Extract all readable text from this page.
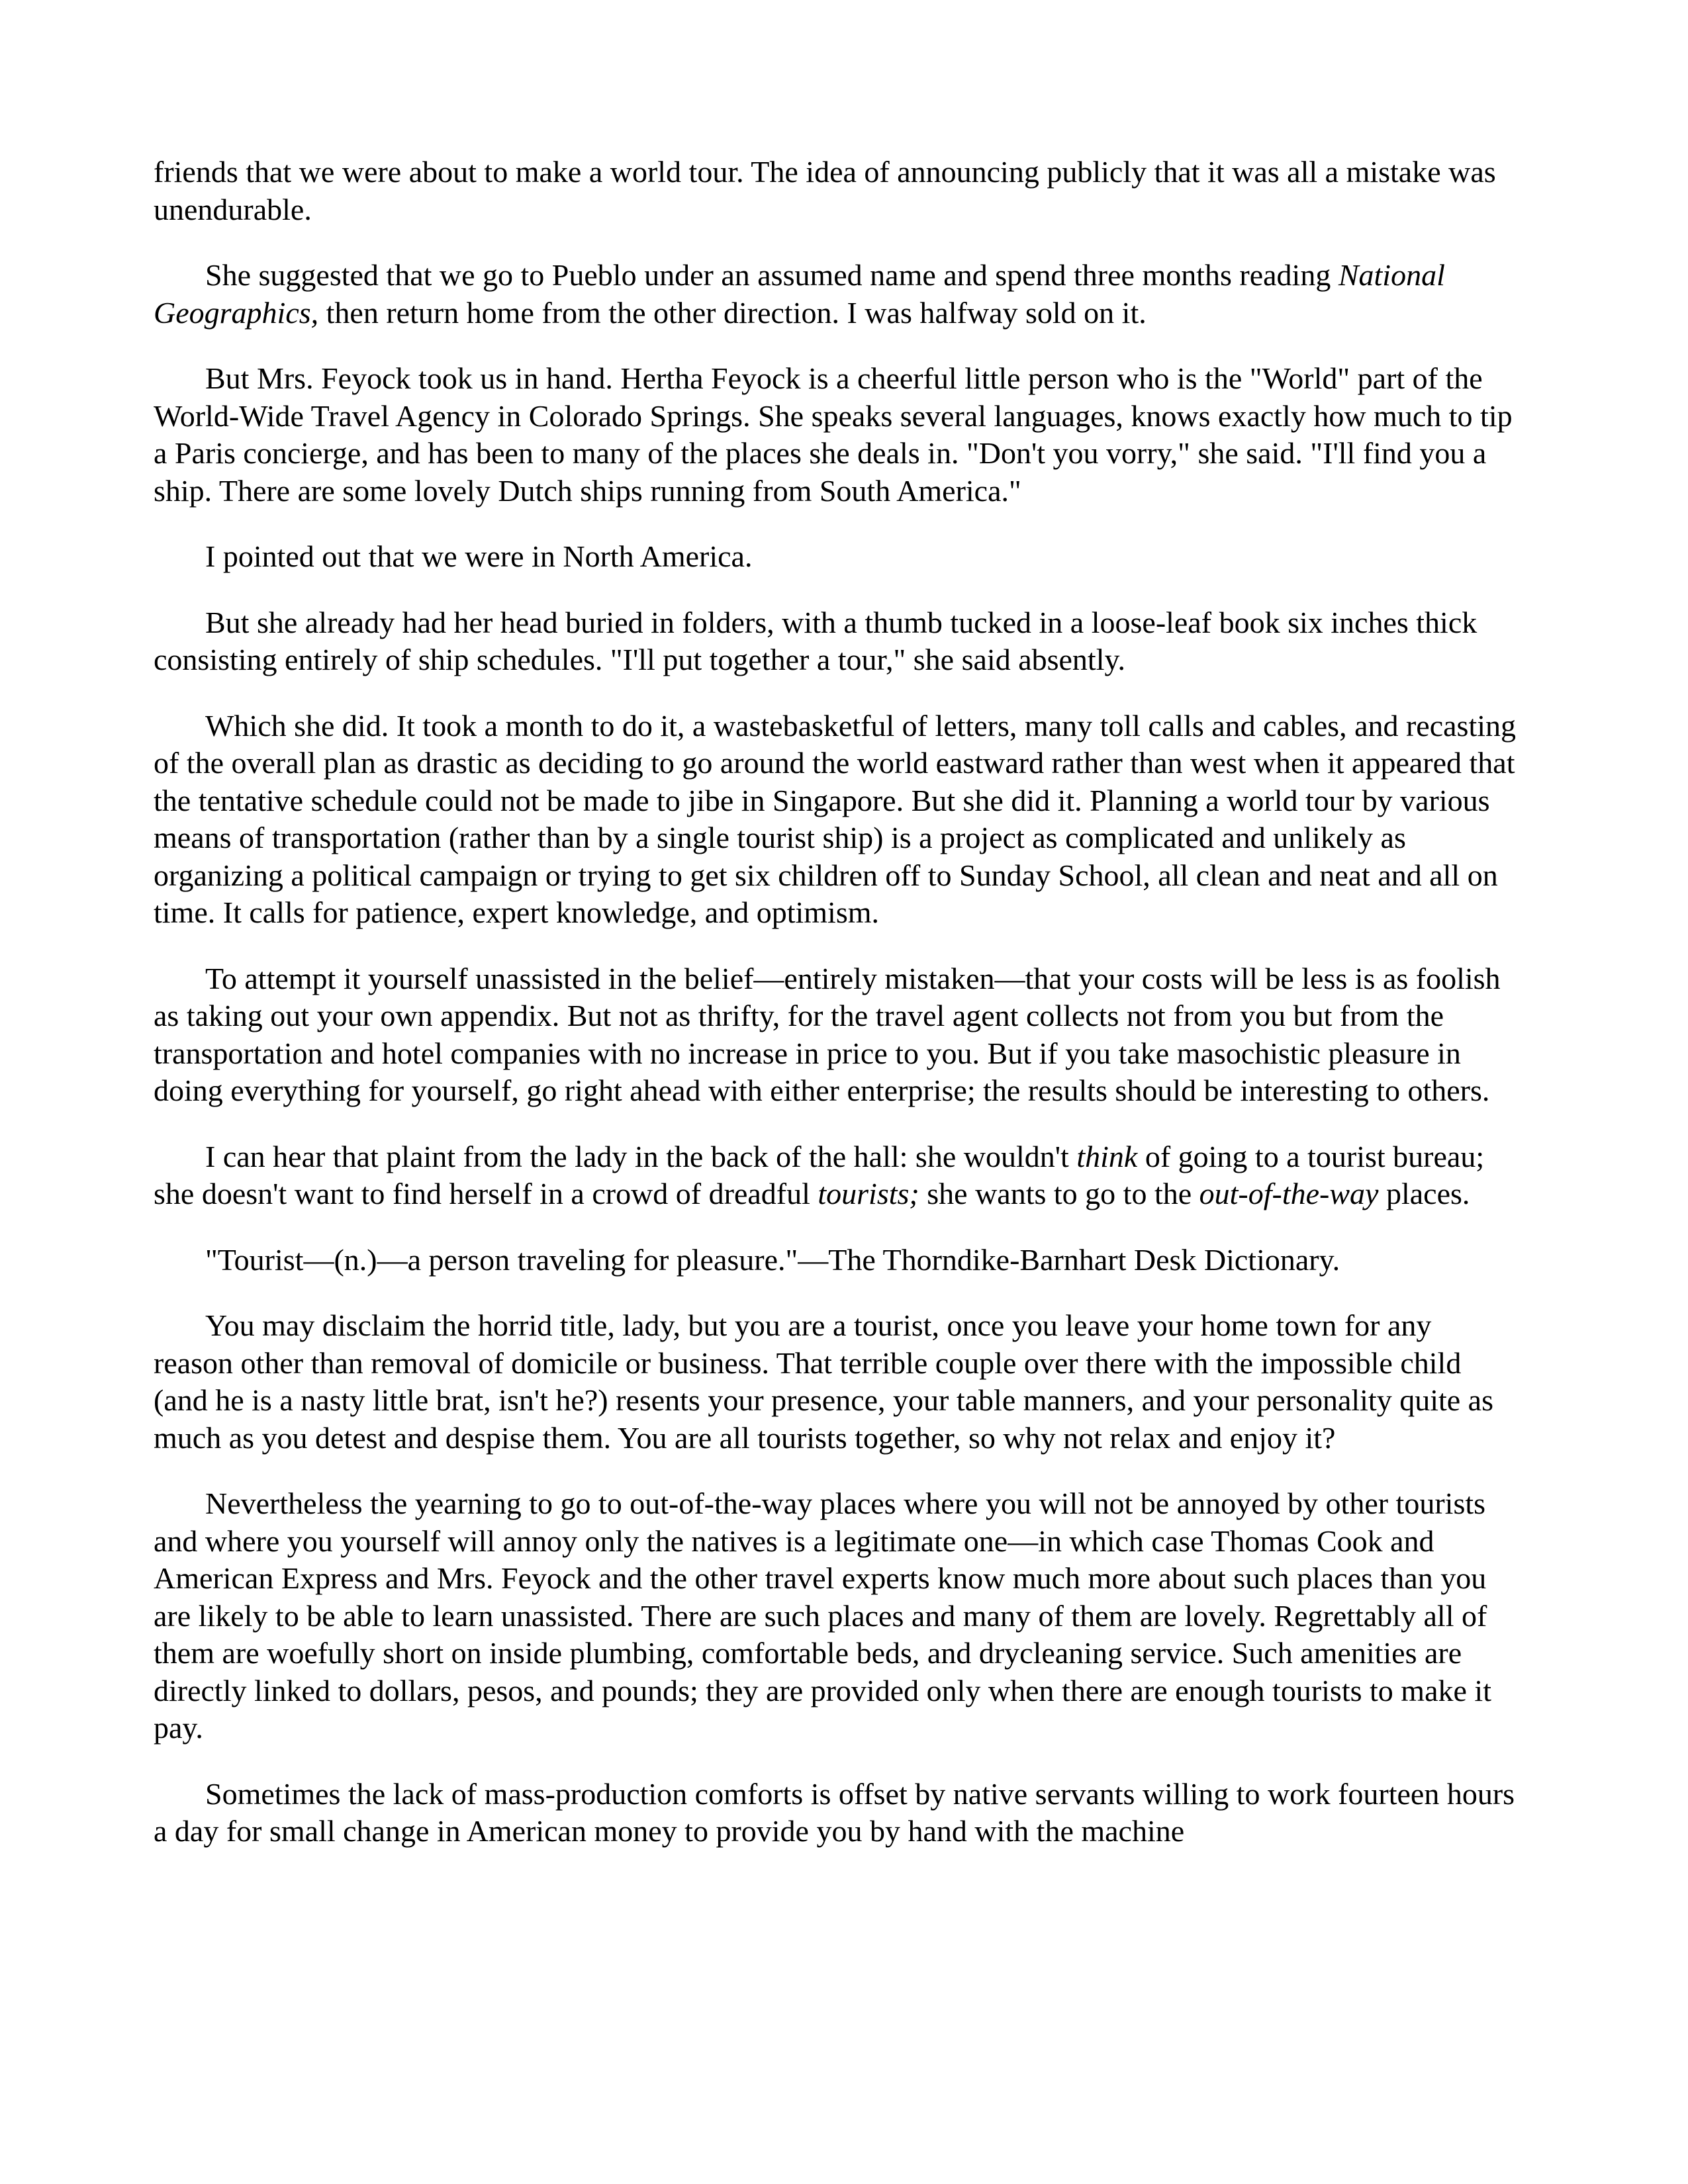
friends that we were about to make a world tour. The idea of announcing publicly that it was all a mistake was unendurable.

She suggested that we go to Pueblo under an assumed name and spend three months reading National Geographics, then return home from the other direction. I was halfway sold on it.

But Mrs. Feyock took us in hand. Hertha Feyock is a cheerful little person who is the "World" part of the World-Wide Travel Agency in Colorado Springs. She speaks several languages, knows exactly how much to tip a Paris concierge, and has been to many of the places she deals in. "Don't you vorry," she said. "I'll find you a ship. There are some lovely Dutch ships running from South America."

I pointed out that we were in North America.

But she already had her head buried in folders, with a thumb tucked in a loose-leaf book six inches thick consisting entirely of ship schedules. "I'll put together a tour," she said absently.

Which she did. It took a month to do it, a wastebasketful of letters, many toll calls and cables, and recasting of the overall plan as drastic as deciding to go around the world eastward rather than west when it appeared that the tentative schedule could not be made to jibe in Singapore. But she did it. Planning a world tour by various means of transportation (rather than by a single tourist ship) is a project as complicated and unlikely as organizing a political campaign or trying to get six children off to Sunday School, all clean and neat and all on time. It calls for patience, expert knowledge, and optimism.

To attempt it yourself unassisted in the belief—entirely mistaken—that your costs will be less is as foolish as taking out your own appendix. But not as thrifty, for the travel agent collects not from you but from the transportation and hotel companies with no increase in price to you. But if you take masochistic pleasure in doing everything for yourself, go right ahead with either enterprise; the results should be interesting to others.

I can hear that plaint from the lady in the back of the hall: she wouldn't think of going to a tourist bureau; she doesn't want to find herself in a crowd of dreadful tourists; she wants to go to the out-of-the-way places.

"Tourist—(n.)—a person traveling for pleasure."—The Thorndike-Barnhart Desk Dictionary.

You may disclaim the horrid title, lady, but you are a tourist, once you leave your home town for any reason other than removal of domicile or business. That terrible couple over there with the impossible child (and he is a nasty little brat, isn't he?) resents your presence, your table manners, and your personality quite as much as you detest and despise them. You are all tourists together, so why not relax and enjoy it?

Nevertheless the yearning to go to out-of-the-way places where you will not be annoyed by other tourists and where you yourself will annoy only the natives is a legitimate one—in which case Thomas Cook and American Express and Mrs. Feyock and the other travel experts know much more about such places than you are likely to be able to learn unassisted. There are such places and many of them are lovely. Regrettably all of them are woefully short on inside plumbing, comfortable beds, and drycleaning service. Such amenities are directly linked to dollars, pesos, and pounds; they are provided only when there are enough tourists to make it pay.

Sometimes the lack of mass-production comforts is offset by native servants willing to work fourteen hours a day for small change in American money to provide you by hand with the machine
